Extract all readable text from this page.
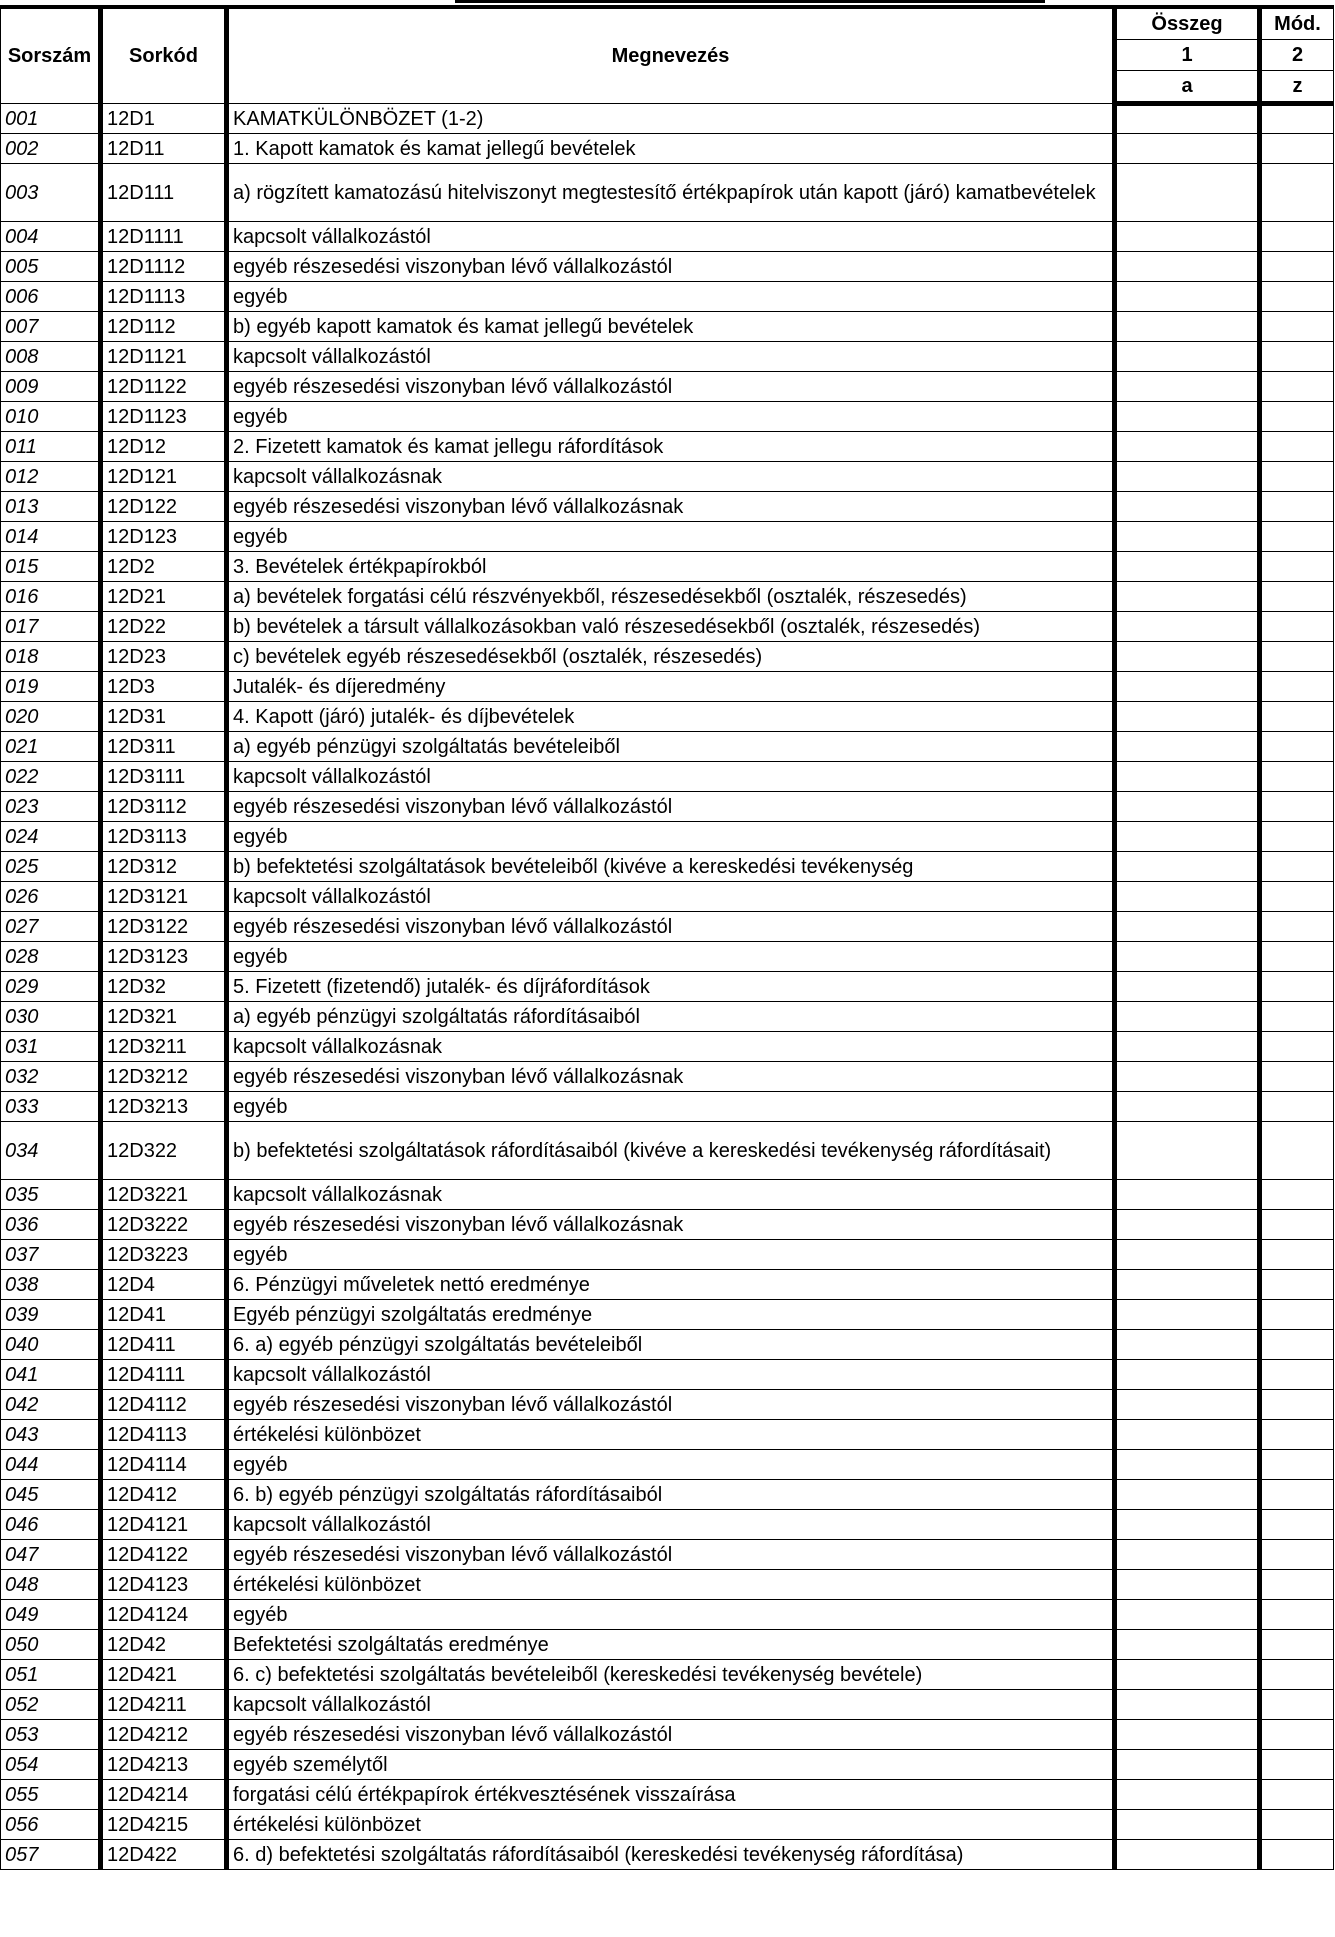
Sorszám	Sorkód	Megnevezés	Összeg	Mód.
			1	2
			a	z
001	12D1	KAMATKÜLÖNBÖZET (1-2)		
002	12D11	1. Kapott kamatok és kamat jellegű bevételek		
003	12D111	a) rögzített kamatozású hitelviszonyt megtestesítő értékpapírok után kapott (járó) kamatbevételek		
004	12D1111	kapcsolt vállalkozástól		
005	12D1112	egyéb részesedési viszonyban lévő vállalkozástól		
006	12D1113	egyéb		
007	12D112	b) egyéb kapott kamatok és kamat jellegű bevételek		
008	12D1121	kapcsolt vállalkozástól		
009	12D1122	egyéb részesedési viszonyban lévő vállalkozástól		
010	12D1123	egyéb		
011	12D12	2. Fizetett kamatok és kamat jellegu ráfordítások		
012	12D121	kapcsolt vállalkozásnak		
013	12D122	egyéb részesedési viszonyban lévő vállalkozásnak		
014	12D123	egyéb		
015	12D2	3. Bevételek értékpapírokból		
016	12D21	a) bevételek forgatási célú részvényekből, részesedésekből (osztalék, részesedés)		
017	12D22	b) bevételek a társult vállalkozásokban való részesedésekből (osztalék, részesedés)		
018	12D23	c) bevételek egyéb részesedésekből (osztalék, részesedés)		
019	12D3	Jutalék- és díjeredmény		
020	12D31	4. Kapott (járó) jutalék- és díjbevételek		
021	12D311	a) egyéb pénzügyi szolgáltatás bevételeiből		
022	12D3111	kapcsolt vállalkozástól		
023	12D3112	egyéb részesedési viszonyban lévő vállalkozástól		
024	12D3113	egyéb		
025	12D312	b) befektetési szolgáltatások bevételeiből (kivéve a kereskedési tevékenység		
026	12D3121	kapcsolt vállalkozástól		
027	12D3122	egyéb részesedési viszonyban lévő vállalkozástól		
028	12D3123	egyéb		
029	12D32	5. Fizetett (fizetendő) jutalék- és díjráfordítások		
030	12D321	a) egyéb pénzügyi szolgáltatás ráfordításaiból		
031	12D3211	kapcsolt vállalkozásnak		
032	12D3212	egyéb részesedési viszonyban lévő vállalkozásnak		
033	12D3213	egyéb		
034	12D322	b) befektetési szolgáltatások ráfordításaiból (kivéve a kereskedési tevékenység ráfordításait)		
035	12D3221	kapcsolt vállalkozásnak		
036	12D3222	egyéb részesedési viszonyban lévő vállalkozásnak		
037	12D3223	egyéb		
038	12D4	6. Pénzügyi műveletek nettó eredménye		
039	12D41	Egyéb pénzügyi szolgáltatás eredménye		
040	12D411	6. a) egyéb pénzügyi szolgáltatás bevételeiből		
041	12D4111	kapcsolt vállalkozástól		
042	12D4112	egyéb részesedési viszonyban lévő vállalkozástól		
043	12D4113	értékelési különbözet		
044	12D4114	egyéb		
045	12D412	6. b) egyéb pénzügyi szolgáltatás ráfordításaiból		
046	12D4121	kapcsolt vállalkozástól		
047	12D4122	egyéb részesedési viszonyban lévő vállalkozástól		
048	12D4123	értékelési különbözet		
049	12D4124	egyéb		
050	12D42	Befektetési szolgáltatás eredménye		
051	12D421	6. c) befektetési szolgáltatás bevételeiből (kereskedési tevékenység bevétele)		
052	12D4211	kapcsolt vállalkozástól		
053	12D4212	egyéb részesedési viszonyban lévő vállalkozástól		
054	12D4213	egyéb személytől		
055	12D4214	forgatási célú értékpapírok értékvesztésének visszaírása		
056	12D4215	értékelési különbözet		
057	12D422	6. d) befektetési szolgáltatás ráfordításaiból (kereskedési tevékenység ráfordítása)		
